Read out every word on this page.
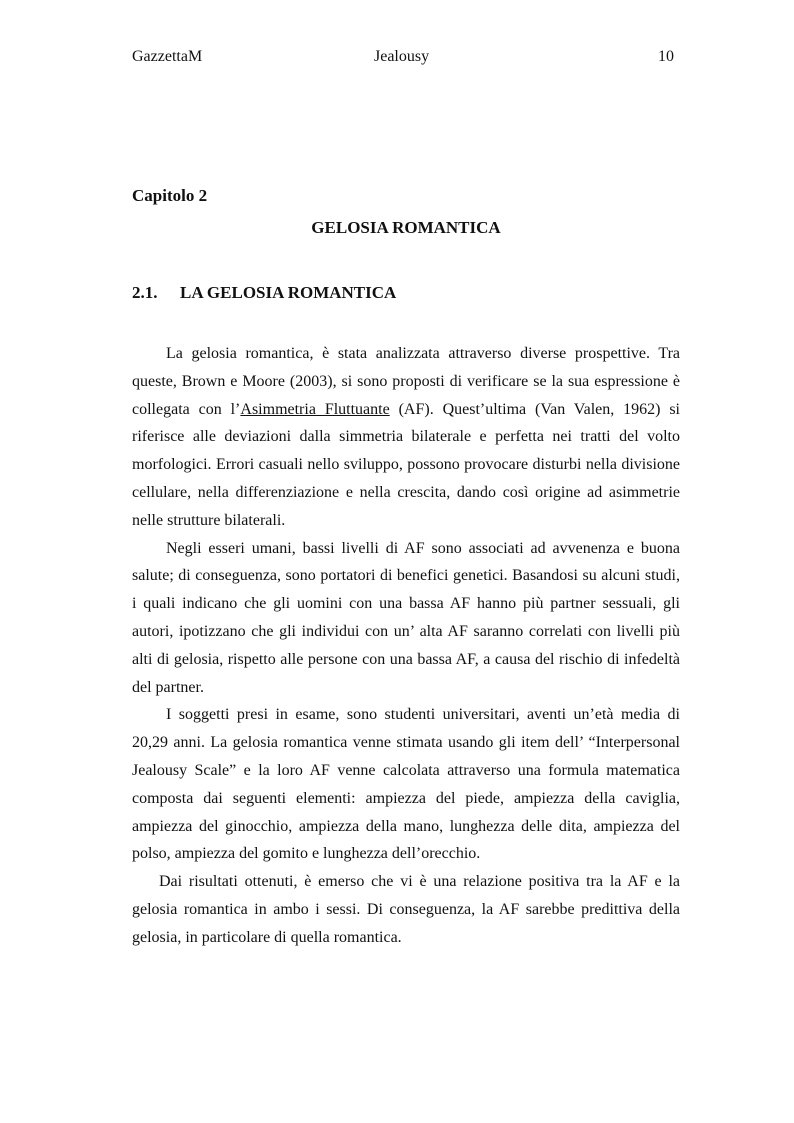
GazzettaM	Jealousy	10
Capitolo 2
GELOSIA ROMANTICA
2.1. LA GELOSIA ROMANTICA

La gelosia romantica, è stata analizzata attraverso diverse prospettive. Tra queste, Brown e Moore (2003), si sono proposti di verificare se la sua espressione è collegata con l’Asimmetria Fluttuante (AF). Quest’ultima (Van Valen, 1962) si riferisce alle deviazioni dalla simmetria bilaterale e perfetta nei tratti del volto morfologici. Errori casuali nello sviluppo, possono provocare disturbi nella divisione cellulare, nella differenziazione e nella crescita, dando così origine ad asimmetrie nelle strutture bilaterali.

Negli esseri umani, bassi livelli di AF sono associati ad avvenenza e buona salute; di conseguenza, sono portatori di benefici genetici. Basandosi su alcuni studi, i quali indicano che gli uomini con una bassa AF hanno più partner sessuali, gli autori, ipotizzano che gli individui con un’ alta AF saranno correlati con livelli più alti di gelosia, rispetto alle persone con una bassa AF, a causa del rischio di infedeltà del partner.

I soggetti presi in esame, sono studenti universitari, aventi un’età media di 20,29 anni. La gelosia romantica venne stimata usando gli item dell’ “Interpersonal Jealousy Scale” e la loro AF venne calcolata attraverso una formula matematica composta dai seguenti elementi: ampiezza del piede, ampiezza della caviglia, ampiezza del ginocchio, ampiezza della mano, lunghezza delle dita, ampiezza del polso, ampiezza del gomito e lunghezza dell’orecchio.

Dai risultati ottenuti, è emerso che vi è una relazione positiva tra la AF e la gelosia romantica in ambo i sessi. Di conseguenza, la AF sarebbe predittiva della gelosia, in particolare di quella romantica.
